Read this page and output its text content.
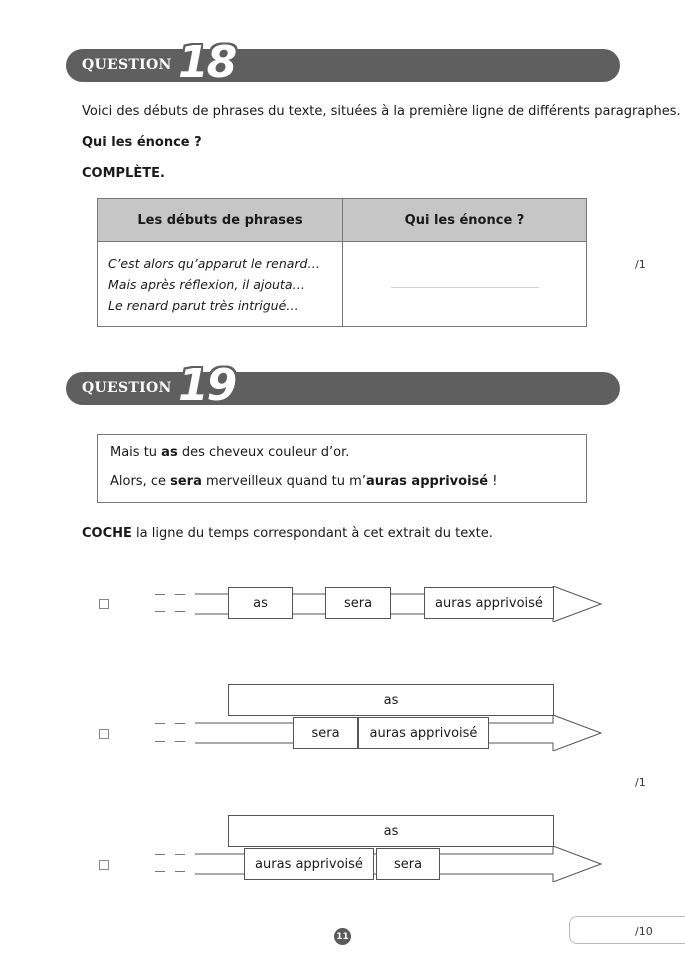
QUESTION 18
Voici des débuts de phrases du texte, situées à la première ligne de différents paragraphes.
Qui les énonce ?
COMPLÈTE.
Les débuts de phrases	Qui les énonce ?

C’est alors qu’apparut le renard…
Mais après réflexion, il ajouta…
Le renard parut très intrigué…	

/1
QUESTION 19
Mais tu as des cheveux couleur d’or.
Alors, ce sera merveilleux quand tu m’auras apprivoisé !
COCHE la ligne du temps correspondant à cet extrait du texte.
as	sera	auras apprivoisé
as
sera	auras apprivoisé
/1
as
auras apprivoisé	sera
11	/10
